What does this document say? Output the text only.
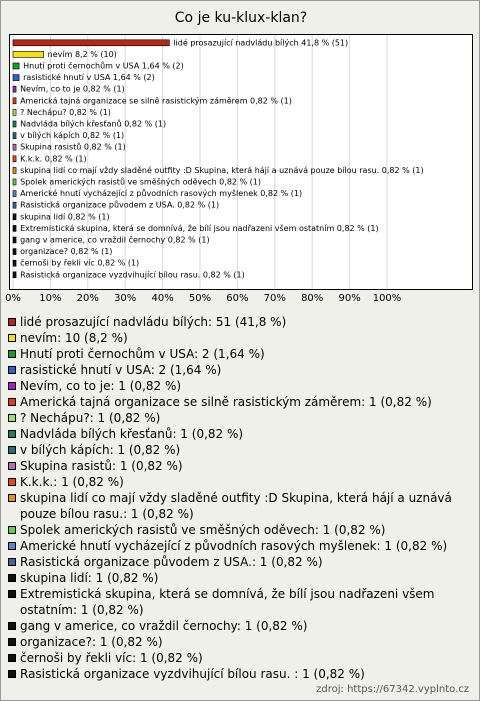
Co je ku-klux-klan?
lidé prosazující nadvládu bílých 41,8 % (51)
nevím 8,2 % (10)
Hnutí proti černochům v USA 1,64 % (2)
rasistické hnutí v USA 1,64 % (2)
Nevím, co to je 0,82 % (1)
Americká tajná organizace se silně rasistickým záměrem 0,82 % (1)
? Nechápu? 0,82 % (1)
Nadvláda bílých křesťanů 0,82 % (1)
v bílých kápích 0,82 % (1)
Skupina rasistů 0,82 % (1)
K.k.k. 0,82 % (1)
skupina lidí co mají vždy sladěné outfity :D Skupina, která hájí a uznává pouze bílou rasu. 0,82 % (1)
Spolek amerických rasistů ve směšných oděvech 0,82 % (1)
Americké hnutí vycházející z původních rasových myšlenek 0,82 % (1)
Rasistická organizace původem z USA. 0,82 % (1)
skupina lidí 0,82 % (1)
Extremistická skupina, která se domnívá, že bílí jsou nadřazeni všem ostatním 0,82 % (1)
gang v americe, co vraždil černochy 0,82 % (1)
organizace? 0,82 % (1)
černoši by řekli víc 0,82 % (1)
Rasistická organizace vyzdvihující bílou rasu. 0,82 % (1)
0% 10% 20% 30% 40% 50% 60% 70% 80% 90% 100%
lidé prosazující nadvládu bílých: 51 (41,8 %)
nevím: 10 (8,2 %)
Hnutí proti černochům v USA: 2 (1,64 %)
rasistické hnutí v USA: 2 (1,64 %)
Nevím, co to je: 1 (0,82 %)
Americká tajná organizace se silně rasistickým záměrem: 1 (0,82 %)
? Nechápu?: 1 (0,82 %)
Nadvláda bílých křesťanů: 1 (0,82 %)
v bílých kápích: 1 (0,82 %)
Skupina rasistů: 1 (0,82 %)
K.k.k.: 1 (0,82 %)
skupina lidí co mají vždy sladěné outfity :D Skupina, která hájí a uznává pouze bílou rasu.: 1 (0,82 %)
Spolek amerických rasistů ve směšných oděvech: 1 (0,82 %)
Americké hnutí vycházející z původních rasových myšlenek: 1 (0,82 %)
Rasistická organizace původem z USA.: 1 (0,82 %)
skupina lidí: 1 (0,82 %)
Extremistická skupina, která se domnívá, že bílí jsou nadřazeni všem ostatním: 1 (0,82 %)
gang v americe, co vraždil černochy: 1 (0,82 %)
organizace?: 1 (0,82 %)
černoši by řekli víc: 1 (0,82 %)
Rasistická organizace vyzdvihující bílou rasu. : 1 (0,82 %)
zdroj: https://67342.vyplnto.cz
